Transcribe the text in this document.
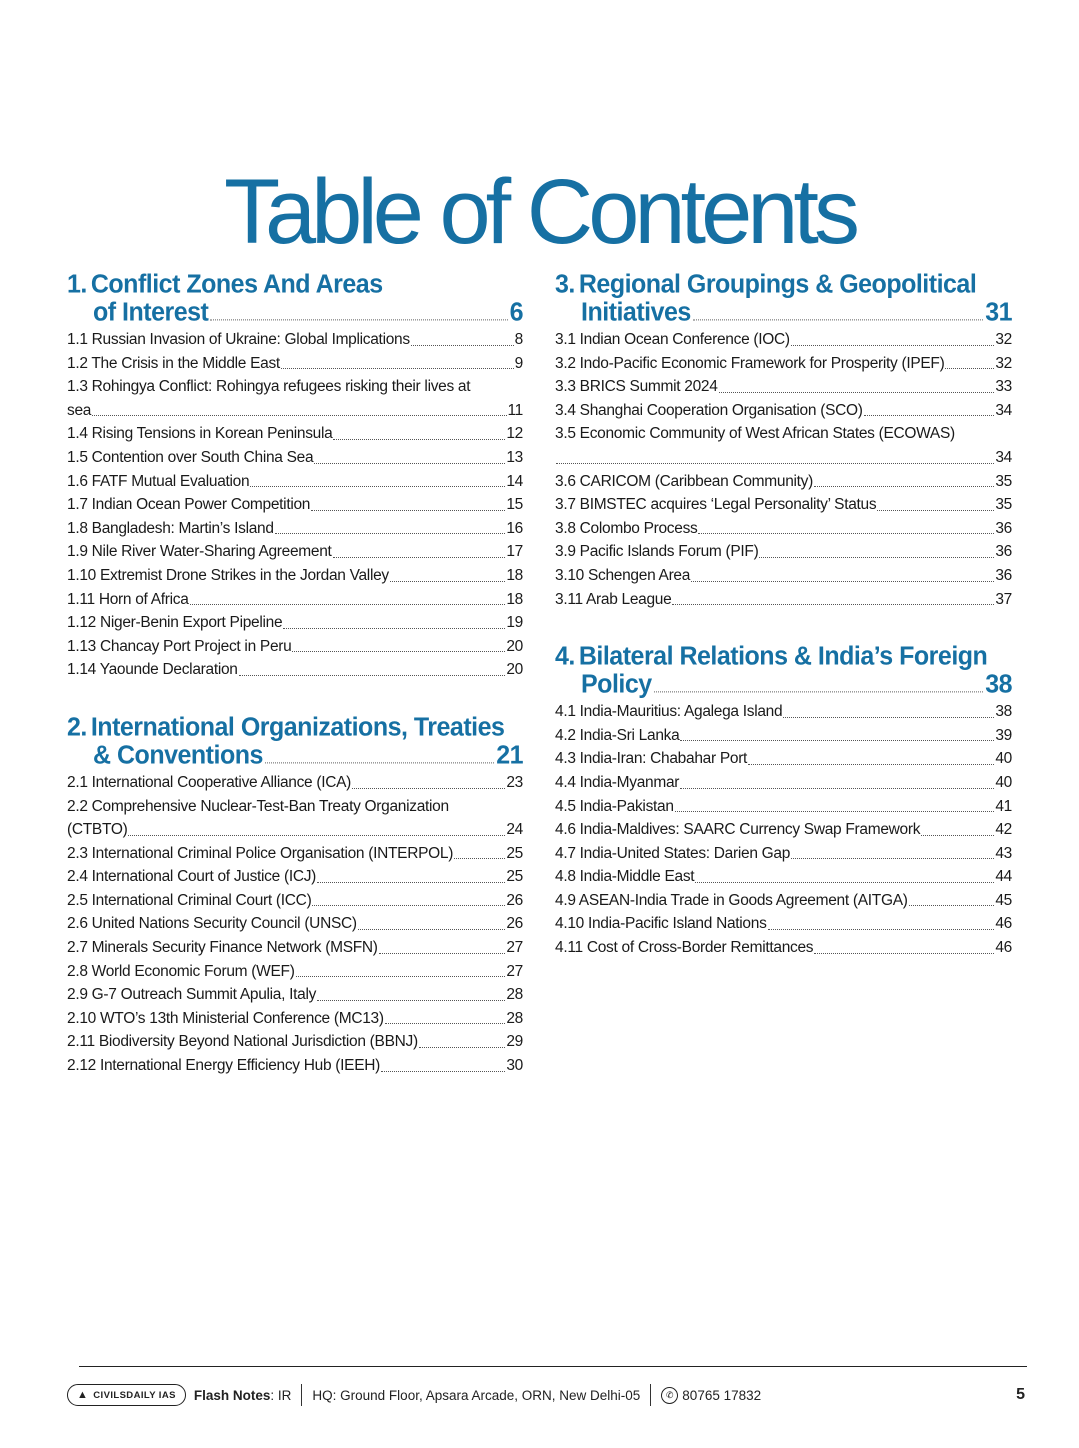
Table of Contents
1. Conflict Zones And Areas
of Interest	6
1.1 Russian Invasion of Ukraine: Global Implications	8
1.2 The Crisis in the Middle East	9
1.3 Rohingya Conflict: Rohingya refugees risking their lives at
sea	11
1.4 Rising Tensions in Korean Peninsula	12
1.5 Contention over South China Sea	13
1.6 FATF Mutual Evaluation	14
1.7 Indian Ocean Power Competition	15
1.8 Bangladesh: Martin’s Island	16
1.9 Nile River Water-Sharing Agreement	17
1.10 Extremist Drone Strikes in the Jordan Valley	18
1.11 Horn of Africa	18
1.12 Niger-Benin Export Pipeline	19
1.13 Chancay Port Project in Peru	20
1.14 Yaounde Declaration	20
2. International Organizations, Treaties
& Conventions	21
2.1 International Cooperative Alliance (ICA)	23
2.2 Comprehensive Nuclear-Test-Ban Treaty Organization
(CTBTO)	24
2.3 International Criminal Police Organisation (INTERPOL)	25
2.4 International Court of Justice (ICJ)	25
2.5 International Criminal Court (ICC)	26
2.6 United Nations Security Council (UNSC)	26
2.7 Minerals Security Finance Network (MSFN)	27
2.8 World Economic Forum (WEF)	27
2.9 G-7 Outreach Summit Apulia, Italy	28
2.10 WTO’s 13th Ministerial Conference (MC13)	28
2.11 Biodiversity Beyond National Jurisdiction (BBNJ)	29
2.12 International Energy Efficiency Hub (IEEH)	30
3. Regional Groupings & Geopolitical
Initiatives	31
3.1 Indian Ocean Conference (IOC)	32
3.2 Indo-Pacific Economic Framework for Prosperity (IPEF)	32
3.3 BRICS Summit 2024	33
3.4 Shanghai Cooperation Organisation (SCO)	34
3.5 Economic Community of West African States (ECOWAS)
34
3.6 CARICOM (Caribbean Community)	35
3.7 BIMSTEC acquires ‘Legal Personality’ Status	35
3.8 Colombo Process	36
3.9 Pacific Islands Forum (PIF)	36
3.10 Schengen Area	36
3.11 Arab League	37
4. Bilateral Relations & India’s Foreign
Policy	38
4.1 India-Mauritius: Agalega Island	38
4.2 India-Sri Lanka	39
4.3 India-Iran: Chabahar Port	40
4.4 India-Myanmar	40
4.5 India-Pakistan	41
4.6 India-Maldives: SAARC Currency Swap Framework	42
4.7 India-United States: Darien Gap	43
4.8 India-Middle East	44
4.9 ASEAN-India Trade in Goods Agreement (AITGA)	45
4.10 India-Pacific Island Nations	46
4.11 Cost of Cross-Border Remittances	46
▲ CIVILSDAILY IAS Flash Notes: IR HQ: Ground Floor, Apsara Arcade, ORN, New Delhi-05	✆ 80765 17832	5
